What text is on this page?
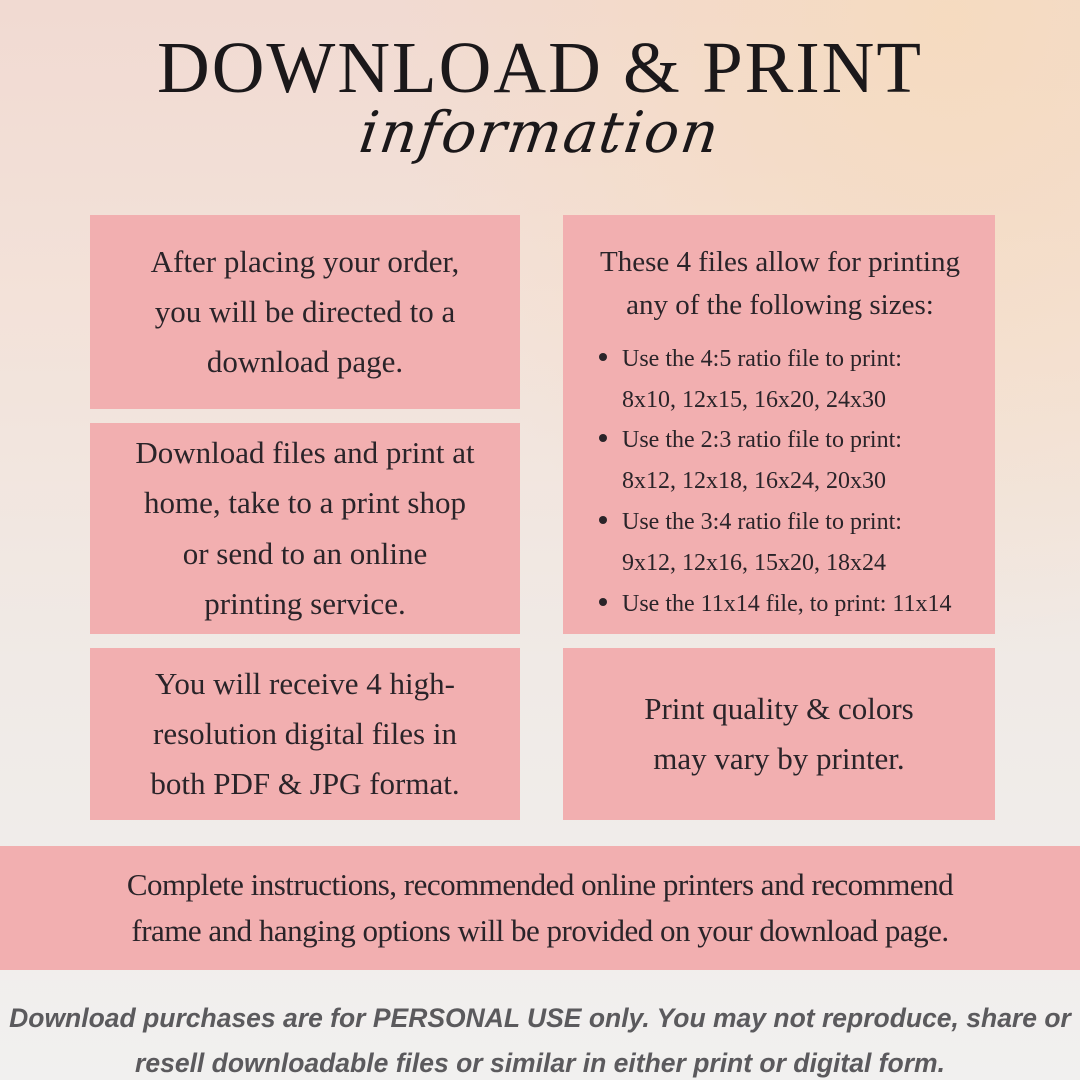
DOWNLOAD & PRINT
information
After placing your order,
you will be directed to a
download page.
Download files and print at
home, take to a print shop
or send to an online
printing service.
You will receive 4 high-
resolution digital files in
both PDF & JPG format.
These 4 files allow for printing
any of the following sizes:
Use the 4:5 ratio file to print:
8x10, 12x15, 16x20, 24x30
Use the 2:3 ratio file to print:
8x12, 12x18, 16x24, 20x30
Use the 3:4 ratio file to print:
9x12, 12x16, 15x20, 18x24
Use the 11x14 file, to print: 11x14
Print quality & colors
may vary by printer.
Complete instructions, recommended online printers and recommend
frame and hanging options will be provided on your download page.
Download purchases are for PERSONAL USE only. You may not reproduce, share or
resell downloadable files or similar in either print or digital form.
